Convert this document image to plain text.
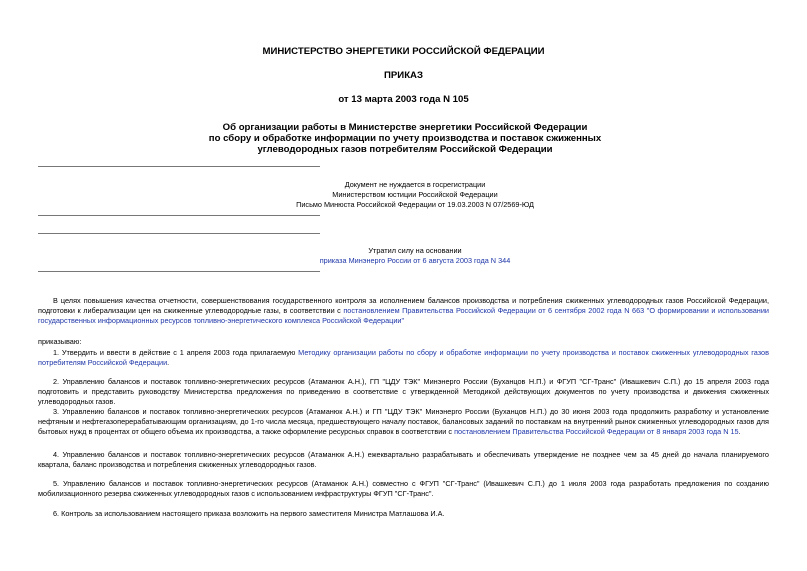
МИНИСТЕРСТВО ЭНЕРГЕТИКИ РОССИЙСКОЙ ФЕДЕРАЦИИ
ПРИКАЗ
от 13 марта 2003 года N 105
Об организации работы в Министерстве энергетики Российской Федерации
по сбору и обработке информации по учету производства и поставок сжиженных
углеводородных газов потребителям Российской Федерации
Документ не нуждается в госрегистрации
Министерством юстиции Российской Федерации
Письмо Минюста Российской Федерации от 19.03.2003 N 07/2569-ЮД
Утратил силу на основании
приказа Минэнерго России от 6 августа 2003 года N 344
В целях повышения качества отчетности, совершенствования государственного контроля за исполнением балансов производства и потребления сжиженных углеводородных газов Российской Федерации, подготовки к либерализации цен на сжиженные углеводородные газы, в соответствии с постановлением Правительства Российской Федерации от 6 сентября 2002 года N 663 "О формировании и использовании государственных информационных ресурсов топливно-энергетического комплекса Российской Федерации"
приказываю:
1. Утвердить и ввести в действие с 1 апреля 2003 года прилагаемую Методику организации работы по сбору и обработке информации по учету производства и поставок сжиженных углеводородных газов потребителям Российской Федерации.
2. Управлению балансов и поставок топливно-энергетических ресурсов (Атаманюк А.Н.), ГП "ЦДУ ТЭК" Минэнерго России (Буханцов Н.П.) и ФГУП "СГ-Транс" (Ивашкевич С.П.) до 15 апреля 2003 года подготовить и представить руководству Министерства предложения по приведению в соответствие с утвержденной Методикой действующих документов по учету производства и движения сжиженных углеводородных газов.
3. Управлению балансов и поставок топливно-энергетических ресурсов (Атаманюк А.Н.) и ГП "ЦДУ ТЭК" Минэнерго России (Буханцов Н.П.) до 30 июня 2003 года продолжить разработку и установление нефтяным и нефтегазоперерабатывающим организациям, до 1-го числа месяца, предшествующего началу поставок, балансовых заданий по поставкам на внутренний рынок сжиженных углеводородных газов для бытовых нужд в процентах от общего объема их производства, а также оформление ресурсных справок в соответствии с постановлением Правительства Российской Федерации от 8 января 2003 года N 15.
4. Управлению балансов и поставок топливно-энергетических ресурсов (Атаманюк А.Н.) ежеквартально разрабатывать и обеспечивать утверждение не позднее чем за 45 дней до начала планируемого квартала, баланс производства и потребления сжиженных углеводородных газов.
5. Управлению балансов и поставок топливно-энергетических ресурсов (Атаманюк А.Н.) совместно с ФГУП "СГ-Транс" (Ивашкевич С.П.) до 1 июля 2003 года разработать предложения по созданию мобилизационного резерва сжиженных углеводородных газов с использованием инфраструктуры ФГУП "СГ-Транс".
6. Контроль за использованием настоящего приказа возложить на первого заместителя Министра Матлашова И.А.
